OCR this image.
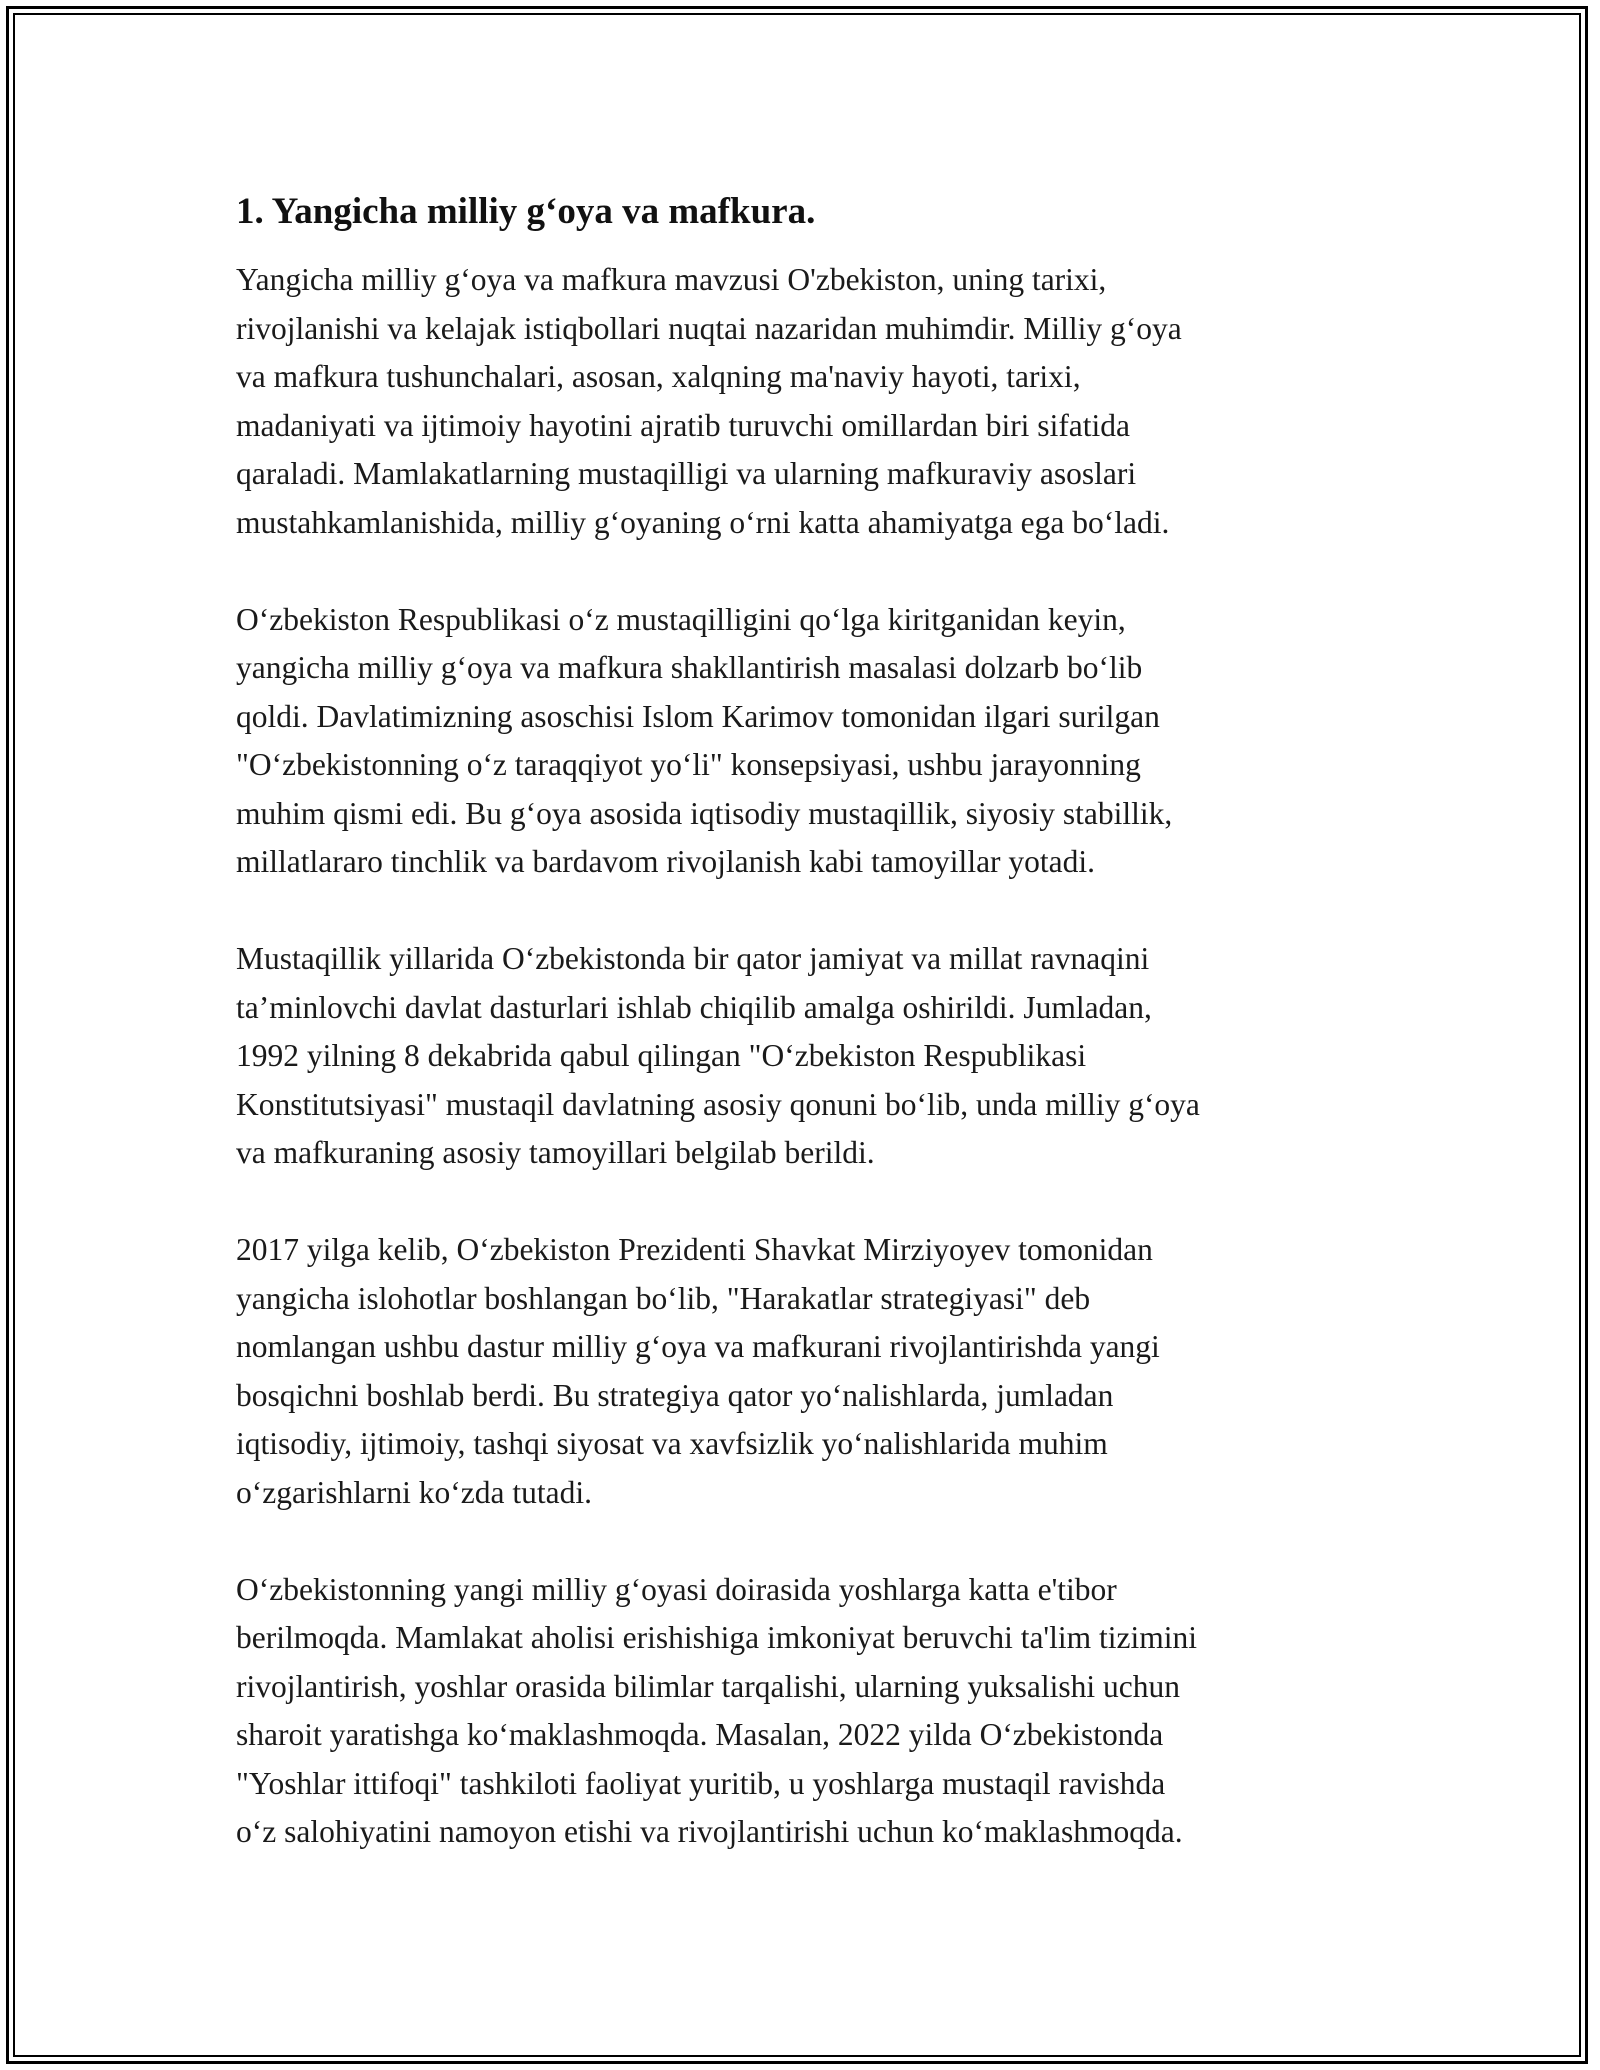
1. Yangicha milliy g‘oya va mafkura.

Yangicha milliy g‘oya va mafkura mavzusi O'zbekiston, uning tarixi,
rivojlanishi va kelajak istiqbollari nuqtai nazaridan muhimdir. Milliy g‘oya
va mafkura tushunchalari, asosan, xalqning ma'naviy hayoti, tarixi,
madaniyati va ijtimoiy hayotini ajratib turuvchi omillardan biri sifatida
qaraladi. Mamlakatlarning mustaqilligi va ularning mafkuraviy asoslari
mustahkamlanishida, milliy g‘oyaning o‘rni katta ahamiyatga ega bo‘ladi.

O‘zbekiston Respublikasi o‘z mustaqilligini qo‘lga kiritganidan keyin,
yangicha milliy g‘oya va mafkura shakllantirish masalasi dolzarb bo‘lib
qoldi. Davlatimizning asoschisi Islom Karimov tomonidan ilgari surilgan
"O‘zbekistonning o‘z taraqqiyot yo‘li" konsepsiyasi, ushbu jarayonning
muhim qismi edi. Bu g‘oya asosida iqtisodiy mustaqillik, siyosiy stabillik,
millatlararo tinchlik va bardavom rivojlanish kabi tamoyillar yotadi.

Mustaqillik yillarida O‘zbekistonda bir qator jamiyat va millat ravnaqini
ta’minlovchi davlat dasturlari ishlab chiqilib amalga oshirildi. Jumladan,
1992 yilning 8 dekabrida qabul qilingan "O‘zbekiston Respublikasi
Konstitutsiyasi" mustaqil davlatning asosiy qonuni bo‘lib, unda milliy g‘oya
va mafkuraning asosiy tamoyillari belgilab berildi.

2017 yilga kelib, O‘zbekiston Prezidenti Shavkat Mirziyoyev tomonidan
yangicha islohotlar boshlangan bo‘lib, "Harakatlar strategiyasi" deb
nomlangan ushbu dastur milliy g‘oya va mafkurani rivojlantirishda yangi
bosqichni boshlab berdi. Bu strategiya qator yo‘nalishlarda, jumladan
iqtisodiy, ijtimoiy, tashqi siyosat va xavfsizlik yo‘nalishlarida muhim
o‘zgarishlarni ko‘zda tutadi.

O‘zbekistonning yangi milliy g‘oyasi doirasida yoshlarga katta e'tibor
berilmoqda. Mamlakat aholisi erishishiga imkoniyat beruvchi ta'lim tizimini
rivojlantirish, yoshlar orasida bilimlar tarqalishi, ularning yuksalishi uchun
sharoit yaratishga ko‘maklashmoqda. Masalan, 2022 yilda O‘zbekistonda
"Yoshlar ittifoqi" tashkiloti faoliyat yuritib, u yoshlarga mustaqil ravishda
o‘z salohiyatini namoyon etishi va rivojlantirishi uchun ko‘maklashmoqda.
